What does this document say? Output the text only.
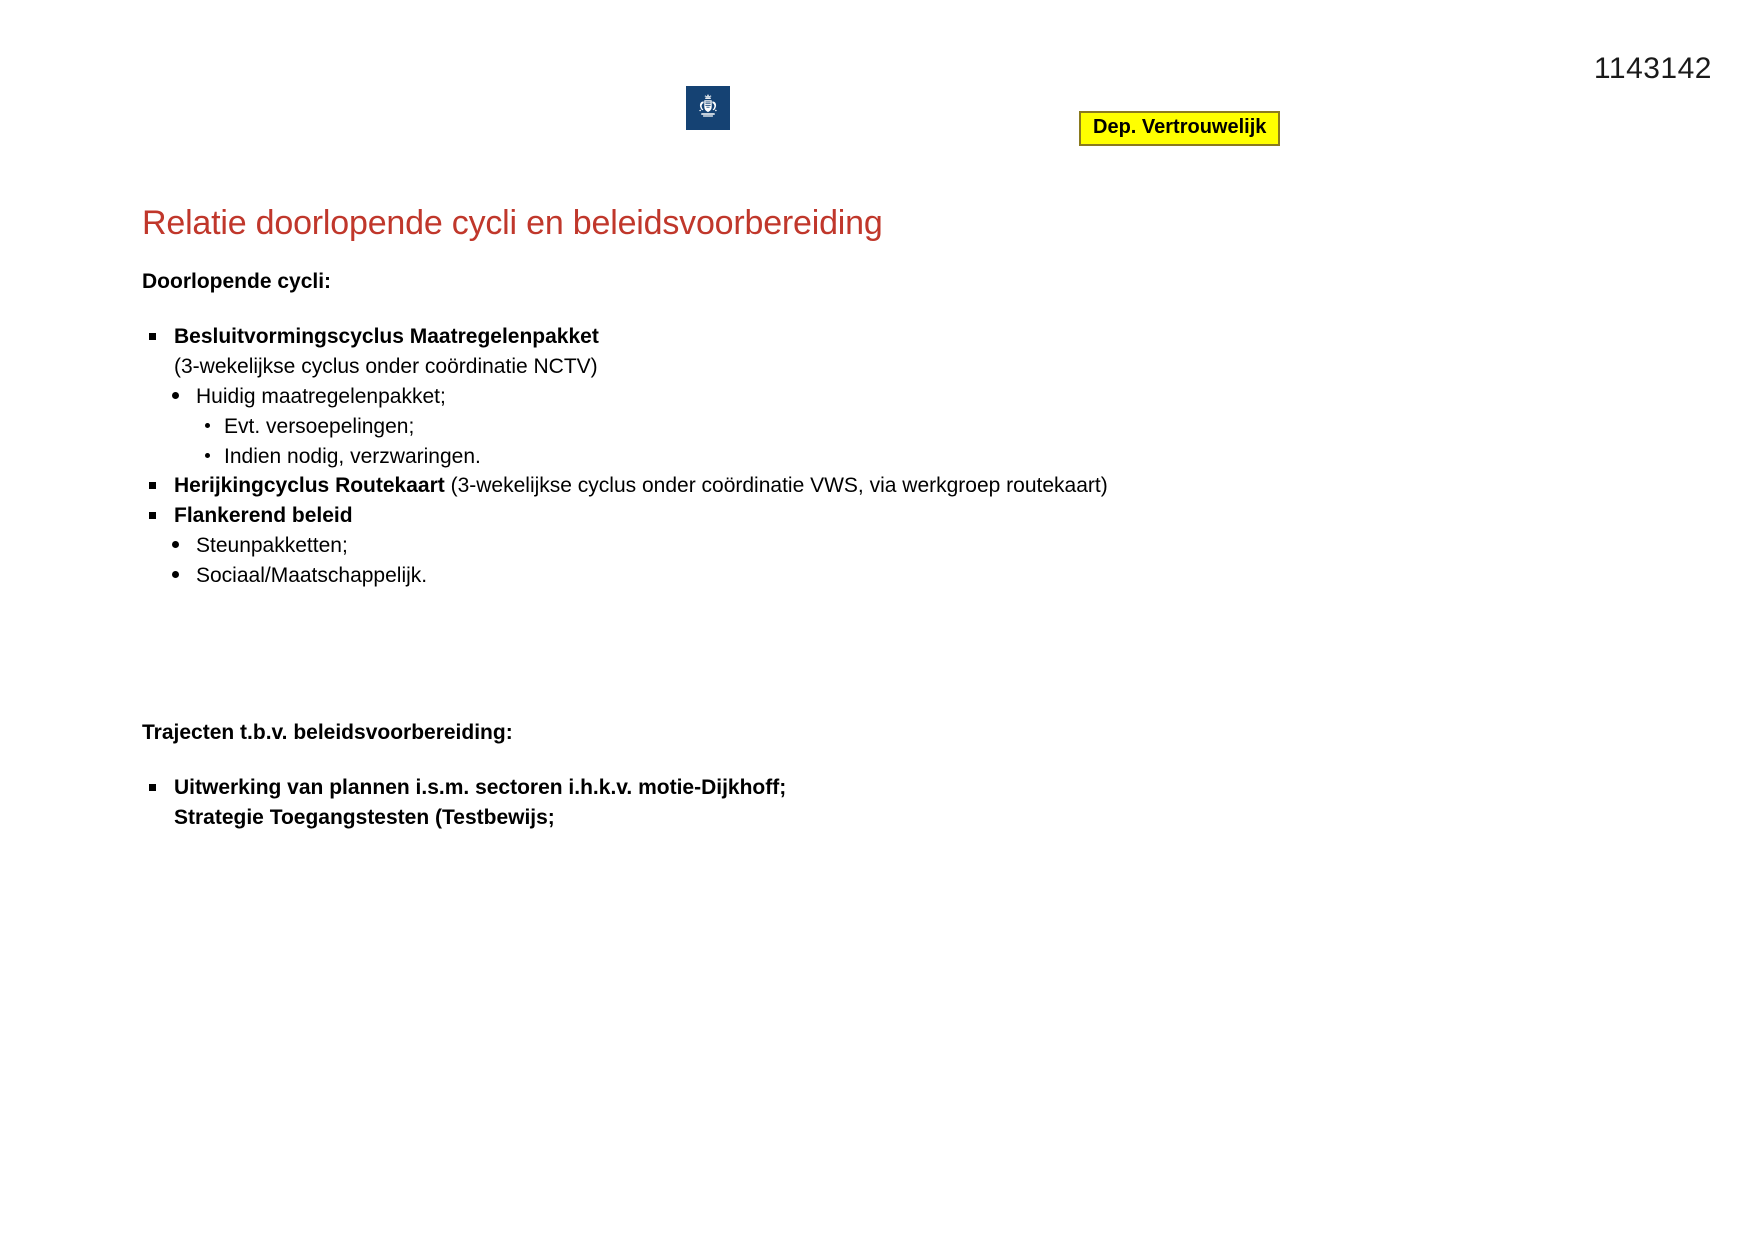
1143142
Dep. Vertrouwelijk
Relatie doorlopende cycli en beleidsvoorbereiding
Doorlopende cycli:
Besluitvormingscyclus Maatregelenpakket
(3-wekelijkse cyclus onder coördinatie NCTV)
Huidig maatregelenpakket;
Evt. versoepelingen;
Indien nodig, verzwaringen.
Herijkingcyclus Routekaart (3-wekelijkse cyclus onder coördinatie VWS, via werkgroep routekaart)
Flankerend beleid
Steunpakketten;
Sociaal/Maatschappelijk.
Trajecten t.b.v. beleidsvoorbereiding:
Uitwerking van plannen i.s.m. sectoren i.h.k.v. motie-Dijkhoff;
Strategie Toegangstesten (Testbewijs;
